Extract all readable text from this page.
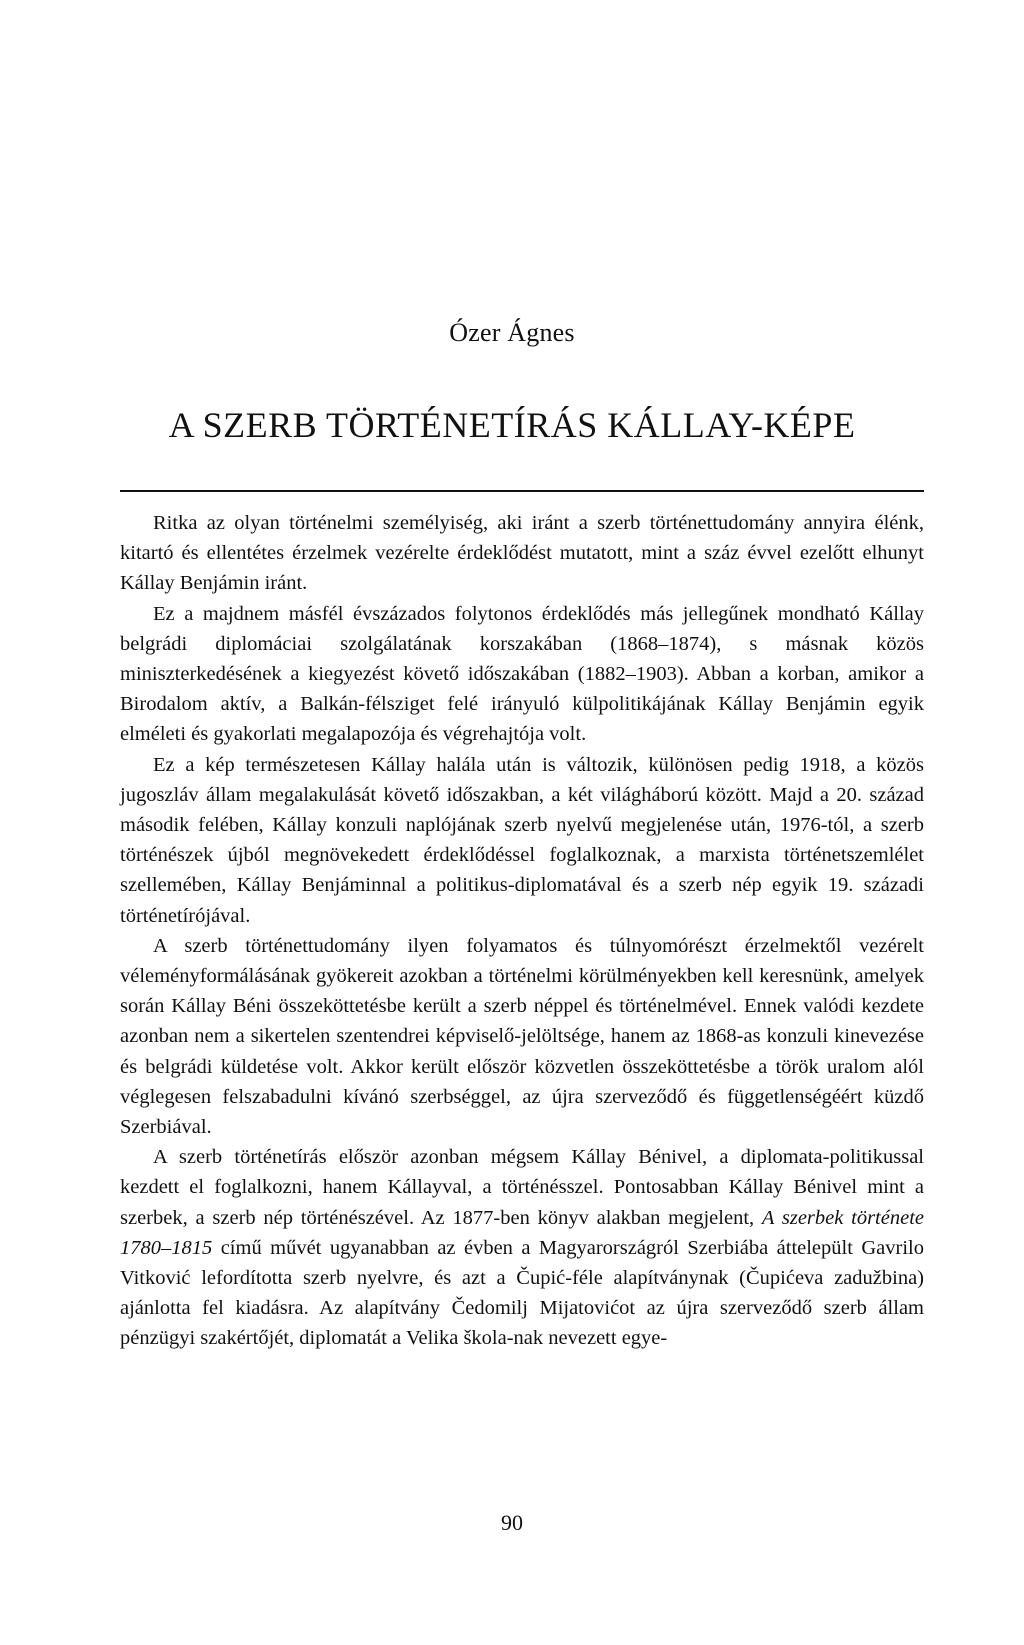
Ózer Ágnes
A SZERB TÖRTÉNETÍRÁS KÁLLAY-KÉPE

Ritka az olyan történelmi személyiség, aki iránt a szerb történettudomány annyira élénk, kitartó és ellentétes érzelmek vezérelte érdeklődést mutatott, mint a száz évvel ezelőtt elhunyt Kállay Benjámin iránt.

Ez a majdnem másfél évszázados folytonos érdeklődés más jellegűnek mondható Kállay belgrádi diplomáciai szolgálatának korszakában (1868–1874), s másnak közös miniszterkedésének a kiegyezést követő időszakában (1882–1903). Abban a korban, amikor a Birodalom aktív, a Balkán-félsziget felé irányuló külpolitikájának Kállay Benjámin egyik elméleti és gyakorlati megalapozója és végrehajtója volt.

Ez a kép természetesen Kállay halála után is változik, különösen pedig 1918, a közös jugoszláv állam megalakulását követő időszakban, a két világháború között. Majd a 20. század második felében, Kállay konzuli naplójának szerb nyelvű megjelenése után, 1976-tól, a szerb történészek újból megnövekedett érdeklődéssel foglalkoznak, a marxista történetszemlélet szellemében, Kállay Benjáminnal a politikus-diplomatával és a szerb nép egyik 19. századi történetírójával.

A szerb történettudomány ilyen folyamatos és túlnyomórészt érzelmektől vezérelt véleményformálásának gyökereit azokban a történelmi körülményekben kell keresnünk, amelyek során Kállay Béni összeköttetésbe került a szerb néppel és történelmével. Ennek valódi kezdete azonban nem a sikertelen szentendrei képviselő-jelöltsége, hanem az 1868-as konzuli kinevezése és belgrádi küldetése volt. Akkor került először közvetlen összeköttetésbe a török uralom alól véglegesen felszabadulni kívánó szerbséggel, az újra szerveződő és függetlenségéért küzdő Szerbiával.

A szerb történetírás először azonban mégsem Kállay Bénivel, a diplomata-politikussal kezdett el foglalkozni, hanem Kállayval, a történésszel. Pontosabban Kállay Bénivel mint a szerbek, a szerb nép történészével. Az 1877-ben könyv alakban megjelent, A szerbek története 1780–1815 című művét ugyanabban az évben a Magyarországról Szerbiába áttelepült Gavrilo Vitković lefordította szerb nyelvre, és azt a Čupić-féle alapítványnak (Čupićeva zadužbina) ajánlotta fel kiadásra. Az alapítvány Čedomilj Mijatovićot az újra szerveződő szerb állam pénzügyi szakértőjét, diplomatát a Velika škola-nak nevezett egye-

90
